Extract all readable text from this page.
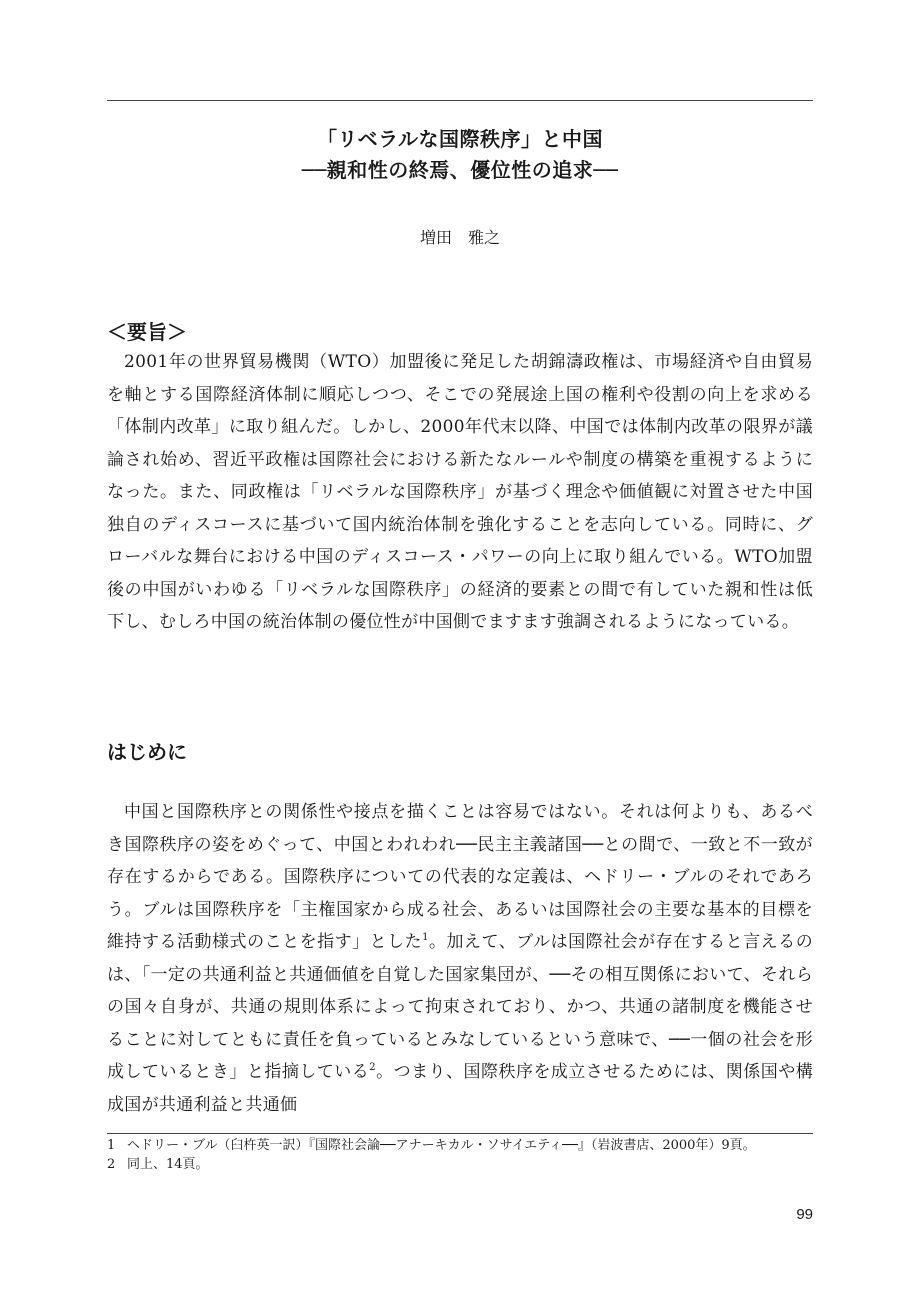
「リベラルな国際秩序」と中国
──親和性の終焉、優位性の追求──
増田　雅之
＜要旨＞

2001年の世界貿易機関（WTO）加盟後に発足した胡錦濤政権は、市場経済や自由貿易を軸とする国際経済体制に順応しつつ、そこでの発展途上国の権利や役割の向上を求める「体制内改革」に取り組んだ。しかし、2000年代末以降、中国では体制内改革の限界が議論され始め、習近平政権は国際社会における新たなルールや制度の構築を重視するようになった。また、同政権は「リベラルな国際秩序」が基づく理念や価値観に対置させた中国独自のディスコースに基づいて国内統治体制を強化することを志向している。同時に、グローバルな舞台における中国のディスコース・パワーの向上に取り組んでいる。WTO加盟後の中国がいわゆる「リベラルな国際秩序」の経済的要素との間で有していた親和性は低下し、むしろ中国の統治体制の優位性が中国側でますます強調されるようになっている。

はじめに

中国と国際秩序との関係性や接点を描くことは容易ではない。それは何よりも、あるべき国際秩序の姿をめぐって、中国とわれわれ──民主主義諸国──との間で、一致と不一致が存在するからである。国際秩序についての代表的な定義は、ヘドリー・ブルのそれであろう。ブルは国際秩序を「主権国家から成る社会、あるいは国際社会の主要な基本的目標を維持する活動様式のことを指す」とした$^1$。加えて、ブルは国際社会が存在すると言えるのは、「一定の共通利益と共通価値を自覚した国家集団が、──その相互関係において、それらの国々自身が、共通の規則体系によって拘束されており、かつ、共通の諸制度を機能させることに対してともに責任を負っているとみなしているという意味で、──一個の社会を形成しているとき」と指摘している$^2$。つまり、国際秩序を成立させるためには、関係国や構成国が共通利益と共通価

1 ヘドリー・ブル（臼杵英一訳）『国際社会論──アナーキカル・ソサイエティ──』（岩波書店、2000年）9頁。
2 同上、14頁。
99
